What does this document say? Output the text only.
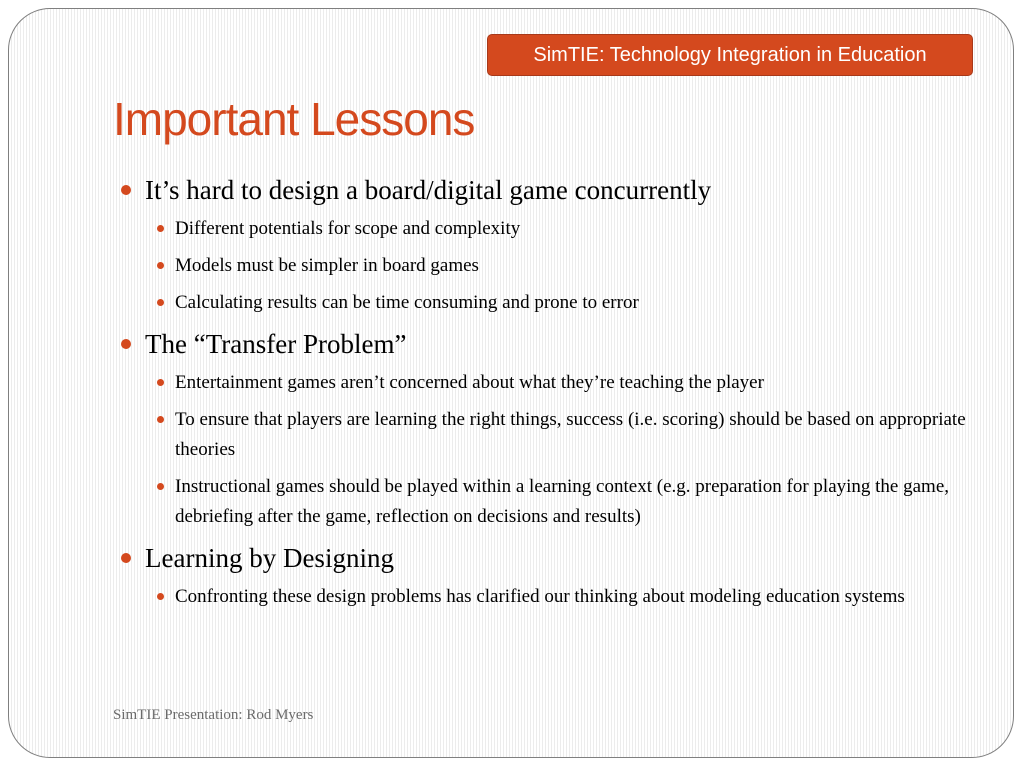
SimTIE: Technology Integration in Education
Important Lessons
It’s hard to design a board/digital game concurrently
Different potentials for scope and complexity
Models must be simpler in board games
Calculating results can be time consuming and prone to error
The “Transfer Problem”
Entertainment games aren’t concerned about what they’re teaching the player
To ensure that players are learning the right things, success (i.e. scoring) should be based on appropriate theories
Instructional games should be played within a learning context (e.g. preparation for playing the game, debriefing after the game, reflection on decisions and results)
Learning by Designing
Confronting these design problems has clarified our thinking about modeling education systems
SimTIE Presentation: Rod Myers
